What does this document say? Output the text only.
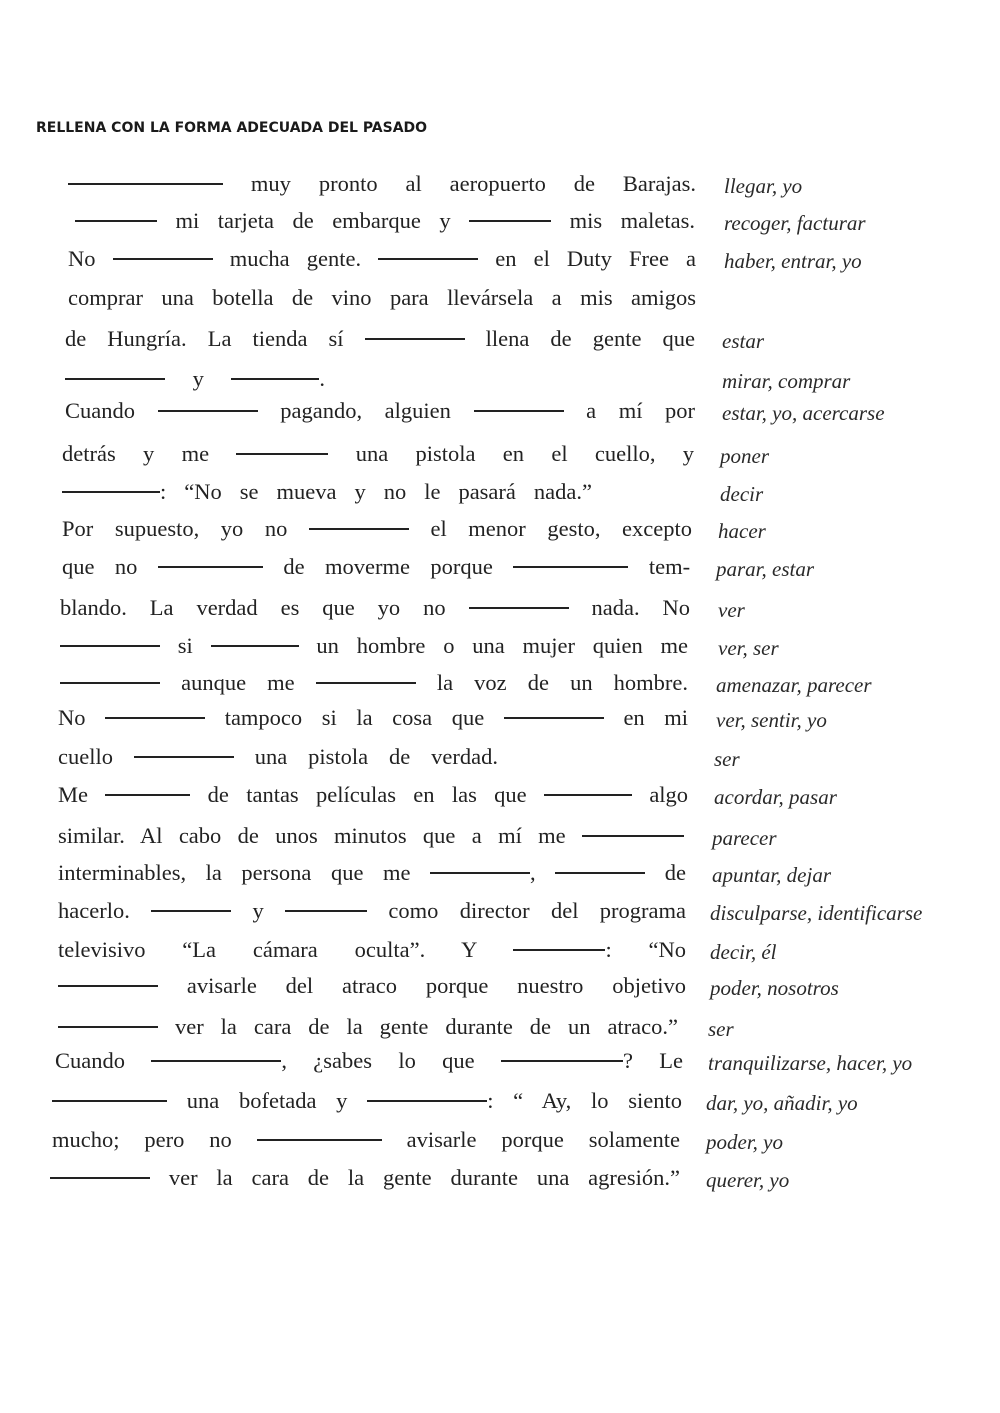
RELLENA CON LA FORMA ADECUADA DEL PASADO
muy pronto al aeropuerto de Barajas. llegar, yo
mi tarjeta de embarque y	mis maletas. recoger, facturar
No	mucha gente.	en el Duty Free a haber, entrar, yo
comprar una botella de vino para llevársela a mis amigos
de Hungría. La tienda sí	llena de gente que estar
y	.	mirar, comprar
Cuando	pagando, alguien	a mí por estar, yo, acercarse
detrás y me	una pistola en el cuello, y poner
: “No se mueva y no le pasará nada.”	decir
Por supuesto, yo no	el menor gesto, excepto hacer
que no	de moverme porque	tem- parar, estar
blando. La verdad es que yo no	nada. No ver
si	un hombre o una mujer quien me ver, ser
aunque me	la voz de un hombre. amenazar, parecer
No	tampoco si la cosa que	en mi ver, sentir, yo
cuello	una pistola de verdad.	ser
Me	de tantas películas en las que	algo acordar, pasar
similar. Al cabo de unos minutos que a mí me	parecer
interminables, la persona que me	,	de apuntar, dejar
hacerlo.	y	como director del programa disculparse, identificarse
televisivo “La cámara oculta”. Y	: “No decir, él
avisarle del atraco porque nuestro objetivo poder, nosotros
ver la cara de la gente durante de un atraco.” ser
Cuando	, ¿sabes lo que	? Le tranquilizarse, hacer, yo
una bofetada y	: “ Ay, lo siento dar, yo, añadir, yo
mucho; pero no	avisarle porque solamente poder, yo
ver la cara de la gente durante una agresión.” querer, yo
